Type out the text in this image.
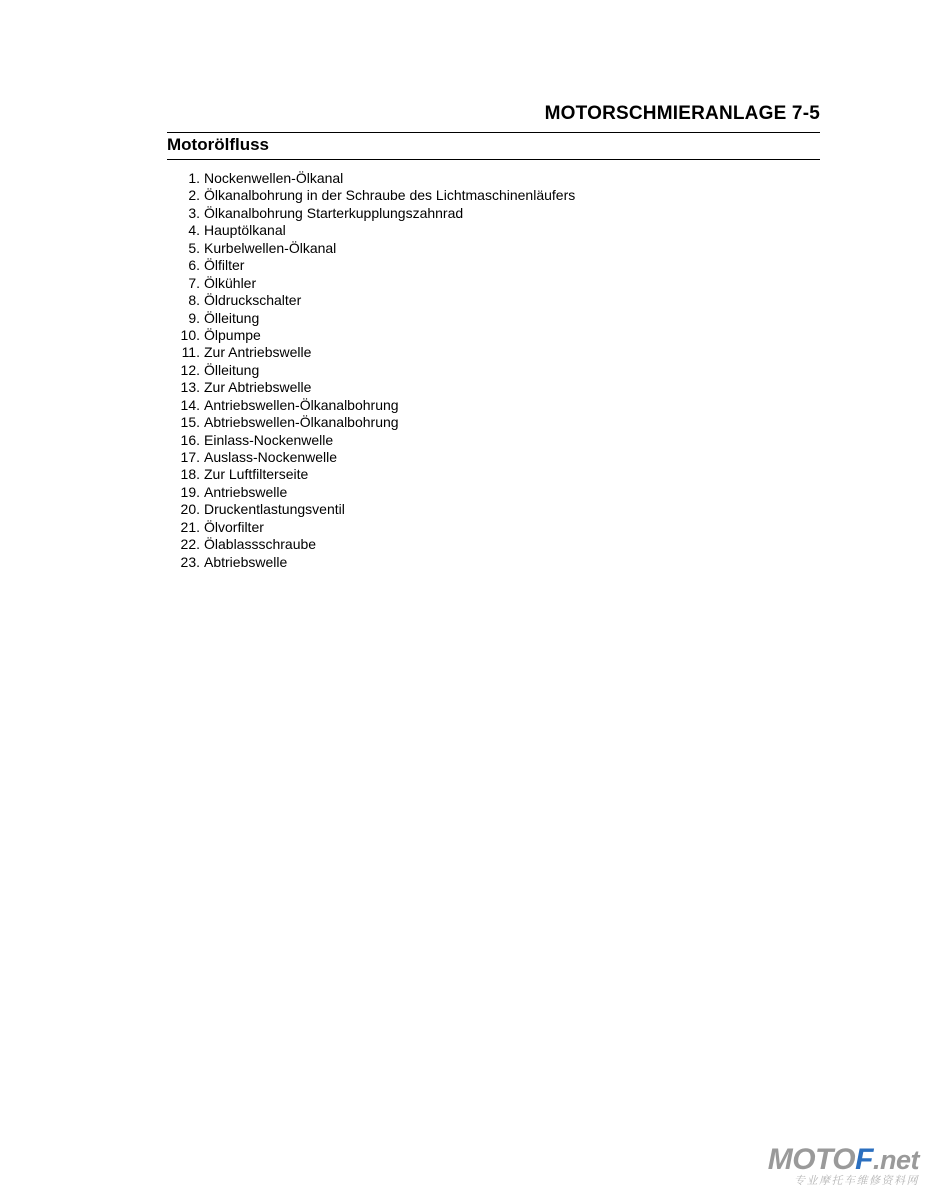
MOTORSCHMIERANLAGE 7-5
Motorölfluss
1. Nockenwellen-Ölkanal
2. Ölkanalbohrung in der Schraube des Lichtmaschinenläufers
3. Ölkanalbohrung Starterkupplungszahnrad
4. Hauptölkanal
5. Kurbelwellen-Ölkanal
6. Ölfilter
7. Ölkühler
8. Öldruckschalter
9. Ölleitung
10. Ölpumpe
11. Zur Antriebswelle
12. Ölleitung
13. Zur Abtriebswelle
14. Antriebswellen-Ölkanalbohrung
15. Abtriebswellen-Ölkanalbohrung
16. Einlass-Nockenwelle
17. Auslass-Nockenwelle
18. Zur Luftfilterseite
19. Antriebswelle
20. Druckentlastungsventil
21. Ölvorfilter
22. Ölablassschraube
23. Abtriebswelle
MOTOF.net
专业摩托车维修资料网
